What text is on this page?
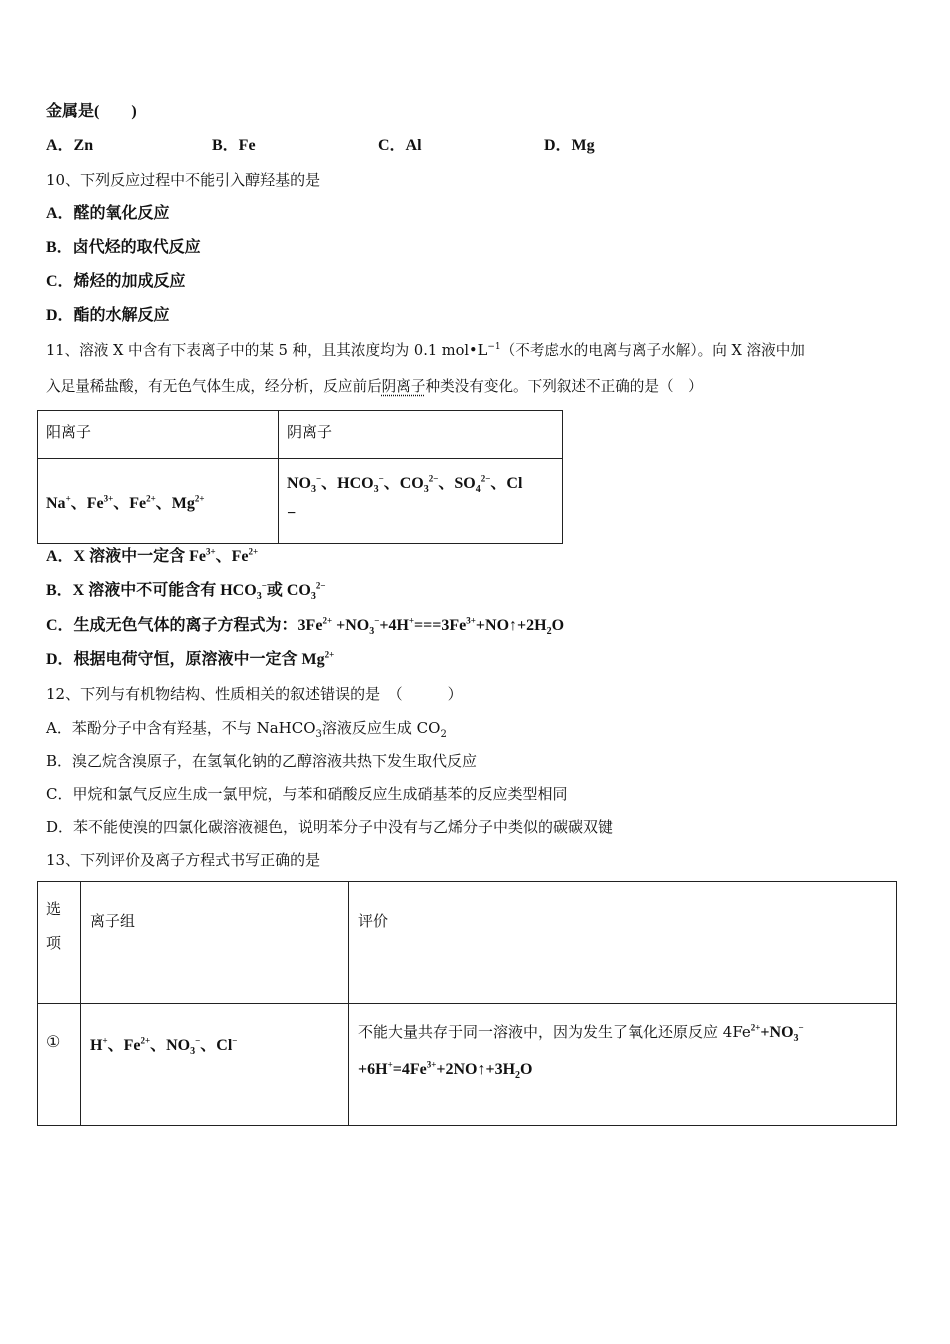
金属是(　　)
A．Zn	B．Fe	C．Al	D．Mg
10、下列反应过程中不能引入醇羟基的是
A．醛的氧化反应
B．卤代烃的取代反应
C．烯烃的加成反应
D．酯的水解反应
11、溶液 X 中含有下表离子中的某 5 种，且其浓度均为 0.1 $mol•L^{-1}$（不考虑水的电离与离子水解）。向 X 溶液中加
入足量稀盐酸，有无色气体生成，经分析，反应前后阴离子种类没有变化。下列叙述不正确的是（　）
阳离子	阴离子

Na+、$Fe^{3+}$、$Fe^{2+}$、$Mg^{2+}$	$NO_3^-$、$HCO_3^-$、$CO_3^{2-}$、$SO_4^{2-}$、Cl
−
A．X 溶液中一定含 $Fe^{3+}$、$Fe^{2+}$
B．X 溶液中不可能含有 $HCO_3^-$或 $CO_3^{2-}$
C．生成无色气体的离子方程式为：$3Fe^{2+}$ $+NO_3^-+4H^+===3Fe^{3+}+NO↑+2H_2O$
D．根据电荷守恒，原溶液中一定含 $Mg^{2+}$
12、下列与有机物结构、性质相关的叙述错误的是　（　　　）
A．苯酚分子中含有羟基，不与 NaHCO$_3$溶液反应生成 $CO_2$
B．溴乙烷含溴原子，在氢氧化钠的乙醇溶液共热下发生取代反应
C．甲烷和氯气反应生成一氯甲烷，与苯和硝酸反应生成硝基苯的反应类型相同
D．苯不能使溴的四氯化碳溶液褪色，说明苯分子中没有与乙烯分子中类似的碳碳双键
13、下列评价及离子方程式书写正确的是
选
项	离子组	评价

①	H+、$Fe^{2+}$、$NO_3^-$、Cl−	不能大量共存于同一溶液中，因为发生了氧化还原反应 $4Fe^{2+}+NO_3^-$
$+6H^+=4Fe^{3+}+2NO↑+3H_2O$
